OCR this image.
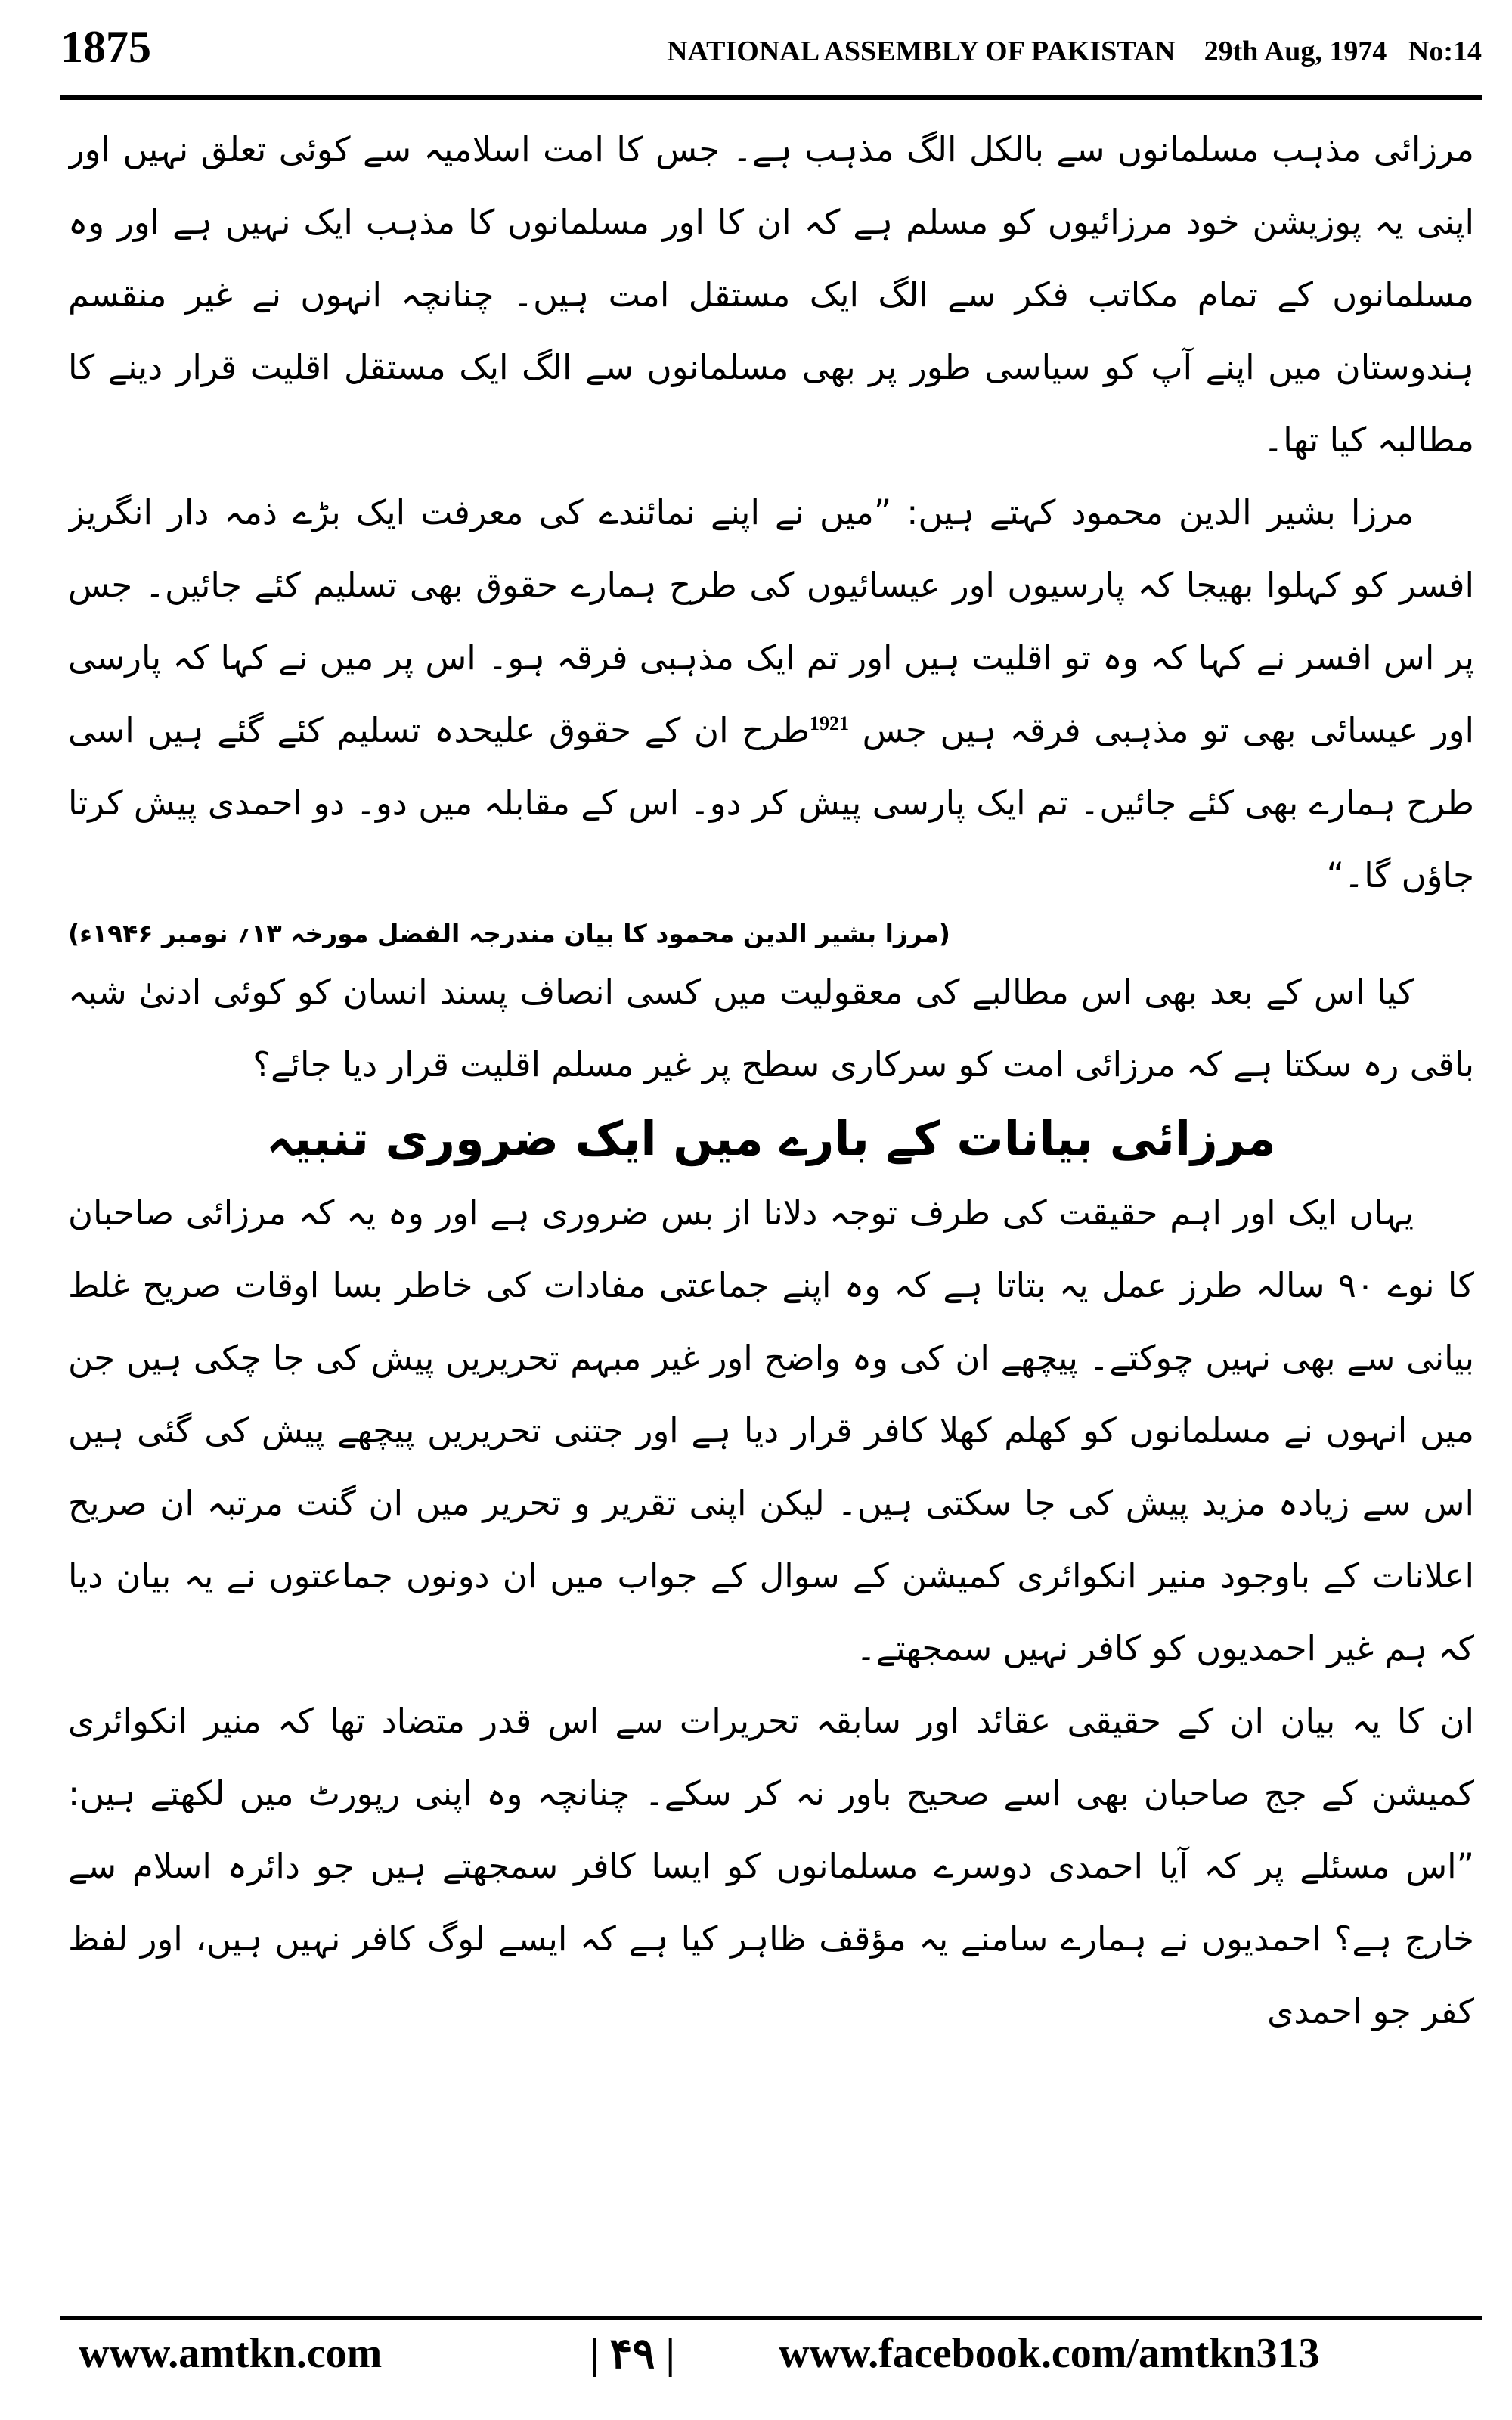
1875	NATIONAL ASSEMBLY OF PAKISTAN    29th Aug, 1974   No:14

مرزائی مذہب مسلمانوں سے بالکل الگ مذہب ہے۔ جس کا امت اسلامیہ سے کوئی تعلق نہیں اور اپنی یہ پوزیشن خود مرزائیوں کو مسلم ہے کہ ان کا اور مسلمانوں کا مذہب ایک نہیں ہے اور وہ مسلمانوں کے تمام مکاتب فکر سے الگ ایک مستقل امت ہیں۔ چنانچہ انہوں نے غیر منقسم ہندوستان میں اپنے آپ کو سیاسی طور پر بھی مسلمانوں سے الگ ایک مستقل اقلیت قرار دینے کا مطالبہ کیا تھا۔

مرزا بشیر الدین محمود کہتے ہیں: ”میں نے اپنے نمائندے کی معرفت ایک بڑے ذمہ دار انگریز افسر کو کہلوا بھیجا کہ پارسیوں اور عیسائیوں کی طرح ہمارے حقوق بھی تسلیم کئے جائیں۔ جس پر اس افسر نے کہا کہ وہ تو اقلیت ہیں اور تم ایک مذہبی فرقہ ہو۔ اس پر میں نے کہا کہ پارسی اور عیسائی بھی تو مذہبی فرقہ ہیں جس $^{1921}$طرح ان کے حقوق علیحدہ تسلیم کئے گئے ہیں اسی طرح ہمارے بھی کئے جائیں۔ تم ایک پارسی پیش کر دو۔ اس کے مقابلہ میں دو۔ دو احمدی پیش کرتا جاؤں گا۔“

(مرزا بشیر الدین محمود کا بیان مندرجہ الفضل مورخہ ۱۳؍ نومبر ۱۹۴۶ء)

کیا اس کے بعد بھی اس مطالبے کی معقولیت میں کسی انصاف پسند انسان کو کوئی ادنیٰ شبہ باقی رہ سکتا ہے کہ مرزائی امت کو سرکاری سطح پر غیر مسلم اقلیت قرار دیا جائے؟

مرزائی بیانات کے بارے میں ایک ضروری تنبیہ

یہاں ایک اور اہم حقیقت کی طرف توجہ دلانا از بس ضروری ہے اور وہ یہ کہ مرزائی صاحبان کا نوے ۹۰ سالہ طرز عمل یہ بتاتا ہے کہ وہ اپنے جماعتی مفادات کی خاطر بسا اوقات صریح غلط بیانی سے بھی نہیں چوکتے۔ پیچھے ان کی وہ واضح اور غیر مبہم تحریریں پیش کی جا چکی ہیں جن میں انہوں نے مسلمانوں کو کھلم کھلا کافر قرار دیا ہے اور جتنی تحریریں پیچھے پیش کی گئی ہیں اس سے زیادہ مزید پیش کی جا سکتی ہیں۔ لیکن اپنی تقریر و تحریر میں ان گنت مرتبہ ان صریح اعلانات کے باوجود منیر انکوائری کمیشن کے سوال کے جواب میں ان دونوں جماعتوں نے یہ بیان دیا کہ ہم غیر احمدیوں کو کافر نہیں سمجھتے۔

ان کا یہ بیان ان کے حقیقی عقائد اور سابقہ تحریرات سے اس قدر متضاد تھا کہ منیر انکوائری کمیشن کے جج صاحبان بھی اسے صحیح باور نہ کر سکے۔ چنانچہ وہ اپنی رپورٹ میں لکھتے ہیں: ”اس مسئلے پر کہ آیا احمدی دوسرے مسلمانوں کو ایسا کافر سمجھتے ہیں جو دائرہ اسلام سے خارج ہے؟ احمدیوں نے ہمارے سامنے یہ مؤقف ظاہر کیا ہے کہ ایسے لوگ کافر نہیں ہیں، اور لفظ کفر جو احمدی

www.amtkn.com	| ۴۹ | www.facebook.com/amtkn313
